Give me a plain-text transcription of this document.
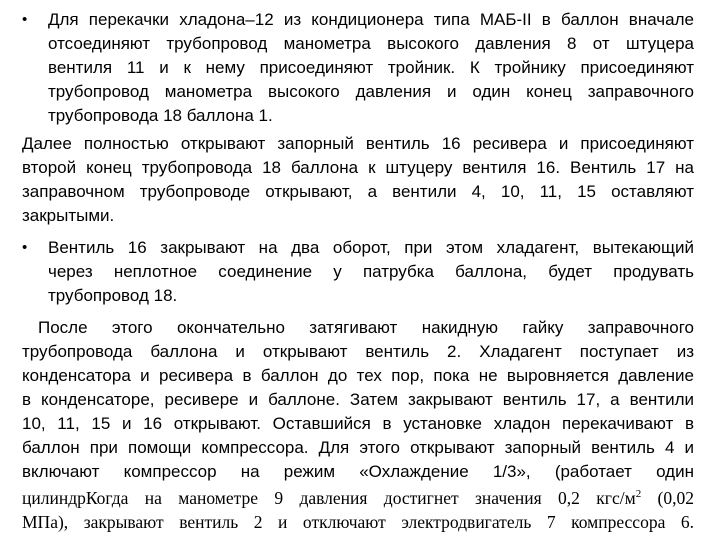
• Для перекачки хладона–12 из кондиционера типа МАБ-II в баллон вначале
отсоединяют трубопровод манометра высокого давления 8 от штуцера
вентиля 11 и к нему присоединяют тройник. К тройнику присоединяют
трубопровод манометра высокого давления и один конец заправочного
трубопровода 18 баллона 1.
Далее полностью открывают запорный вентиль 16 ресивера и присоединяют
второй конец трубопровода 18 баллона к штуцеру вентиля 16. Вентиль 17 на
заправочном трубопроводе открывают, а вентили 4, 10, 11, 15 оставляют
закрытыми.
• Вентиль 16 закрывают на два оборот, при этом хладагент, вытекающий
через неплотное соединение у патрубка баллона, будет продувать
трубопровод 18.
После этого окончательно затягивают накидную гайку заправочного
трубопровода баллона и открывают вентиль 2. Хладагент поступает из
конденсатора и ресивера в баллон до тех пор, пока не выровняется давление
в конденсаторе, ресивере и баллоне. Затем закрывают вентиль 17, а вентили
10, 11, 15 и 16 открывают. Оставшийся в установке хладон перекачивают в
баллон при помощи компрессора. Для этого открывают запорный вентиль 4 и
включают компрессор на режим «Охлаждение 1/3», (работает один
цилиндрКогда на манометре 9 давления достигнет значения 0,2 кгс/$м^2$ (0,02
МПа), закрывают вентиль 2 и отключают электродвигатель 7 компрессора 6.
